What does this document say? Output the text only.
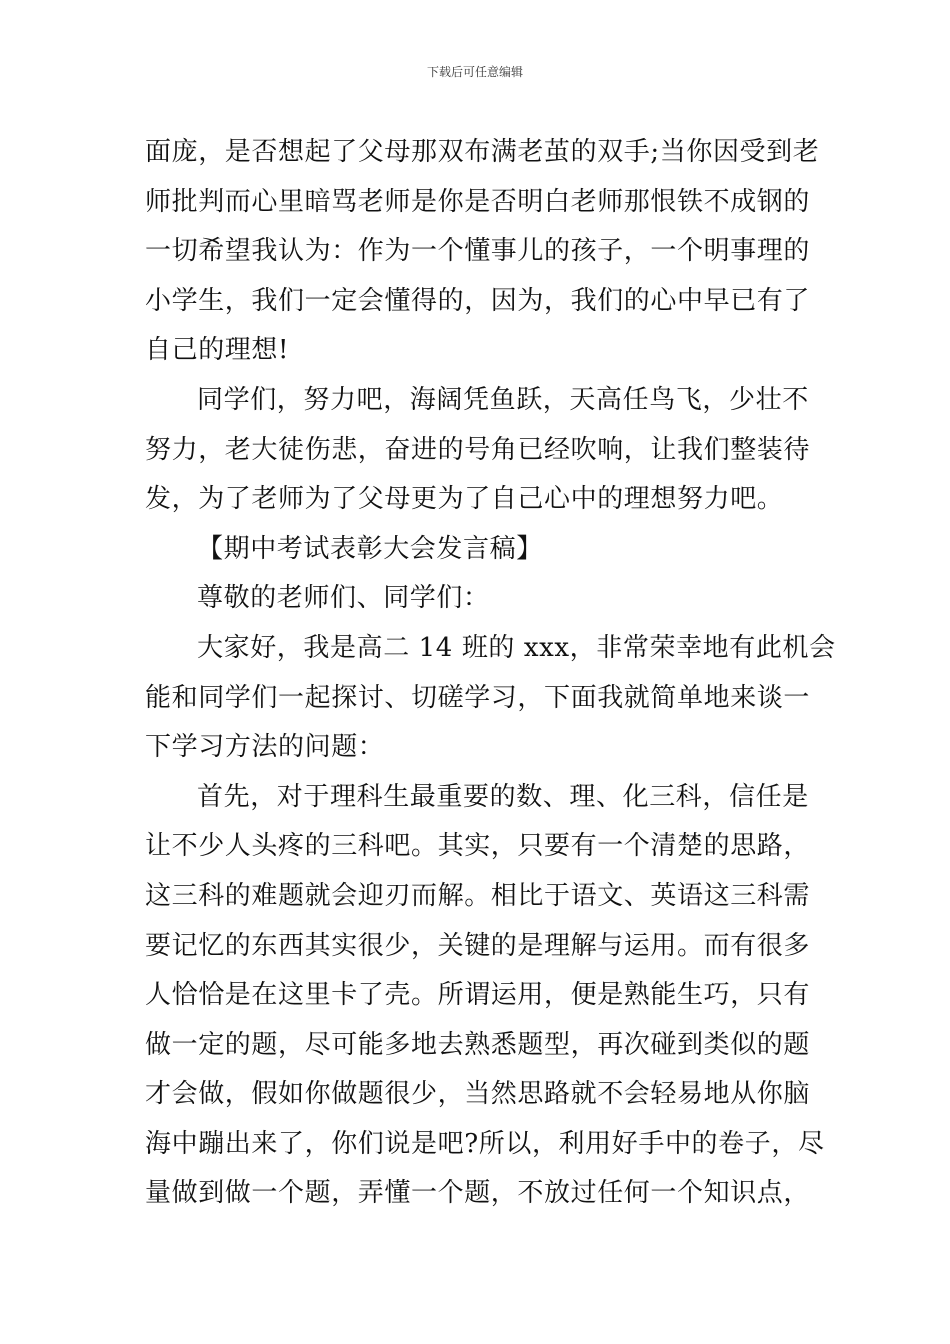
下载后可任意编辑
面庞，是否想起了父母那双布满老茧的双手;当你因受到老
师批判而心里暗骂老师是你是否明白老师那恨铁不成钢的
一切希望我认为：作为一个懂事儿的孩子，一个明事理的
小学生，我们一定会懂得的，因为，我们的心中早已有了
自己的理想!
同学们，努力吧，海阔凭鱼跃，天高任鸟飞，少壮不
努力，老大徒伤悲，奋进的号角已经吹响，让我们整装待
发，为了老师为了父母更为了自己心中的理想努力吧。
【期中考试表彰大会发言稿】
尊敬的老师们、同学们：
大家好，我是高二 14 班的 xxx，非常荣幸地有此机会
能和同学们一起探讨、切磋学习，下面我就简单地来谈一
下学习方法的问题：
首先，对于理科生最重要的数、理、化三科，信任是
让不少人头疼的三科吧。其实，只要有一个清楚的思路，
这三科的难题就会迎刃而解。相比于语文、英语这三科需
要记忆的东西其实很少，关键的是理解与运用。而有很多
人恰恰是在这里卡了壳。所谓运用，便是熟能生巧，只有
做一定的题，尽可能多地去熟悉题型，再次碰到类似的题
才会做，假如你做题很少，当然思路就不会轻易地从你脑
海中蹦出来了，你们说是吧?所以，利用好手中的卷子，尽
量做到做一个题，弄懂一个题，不放过任何一个知识点，
